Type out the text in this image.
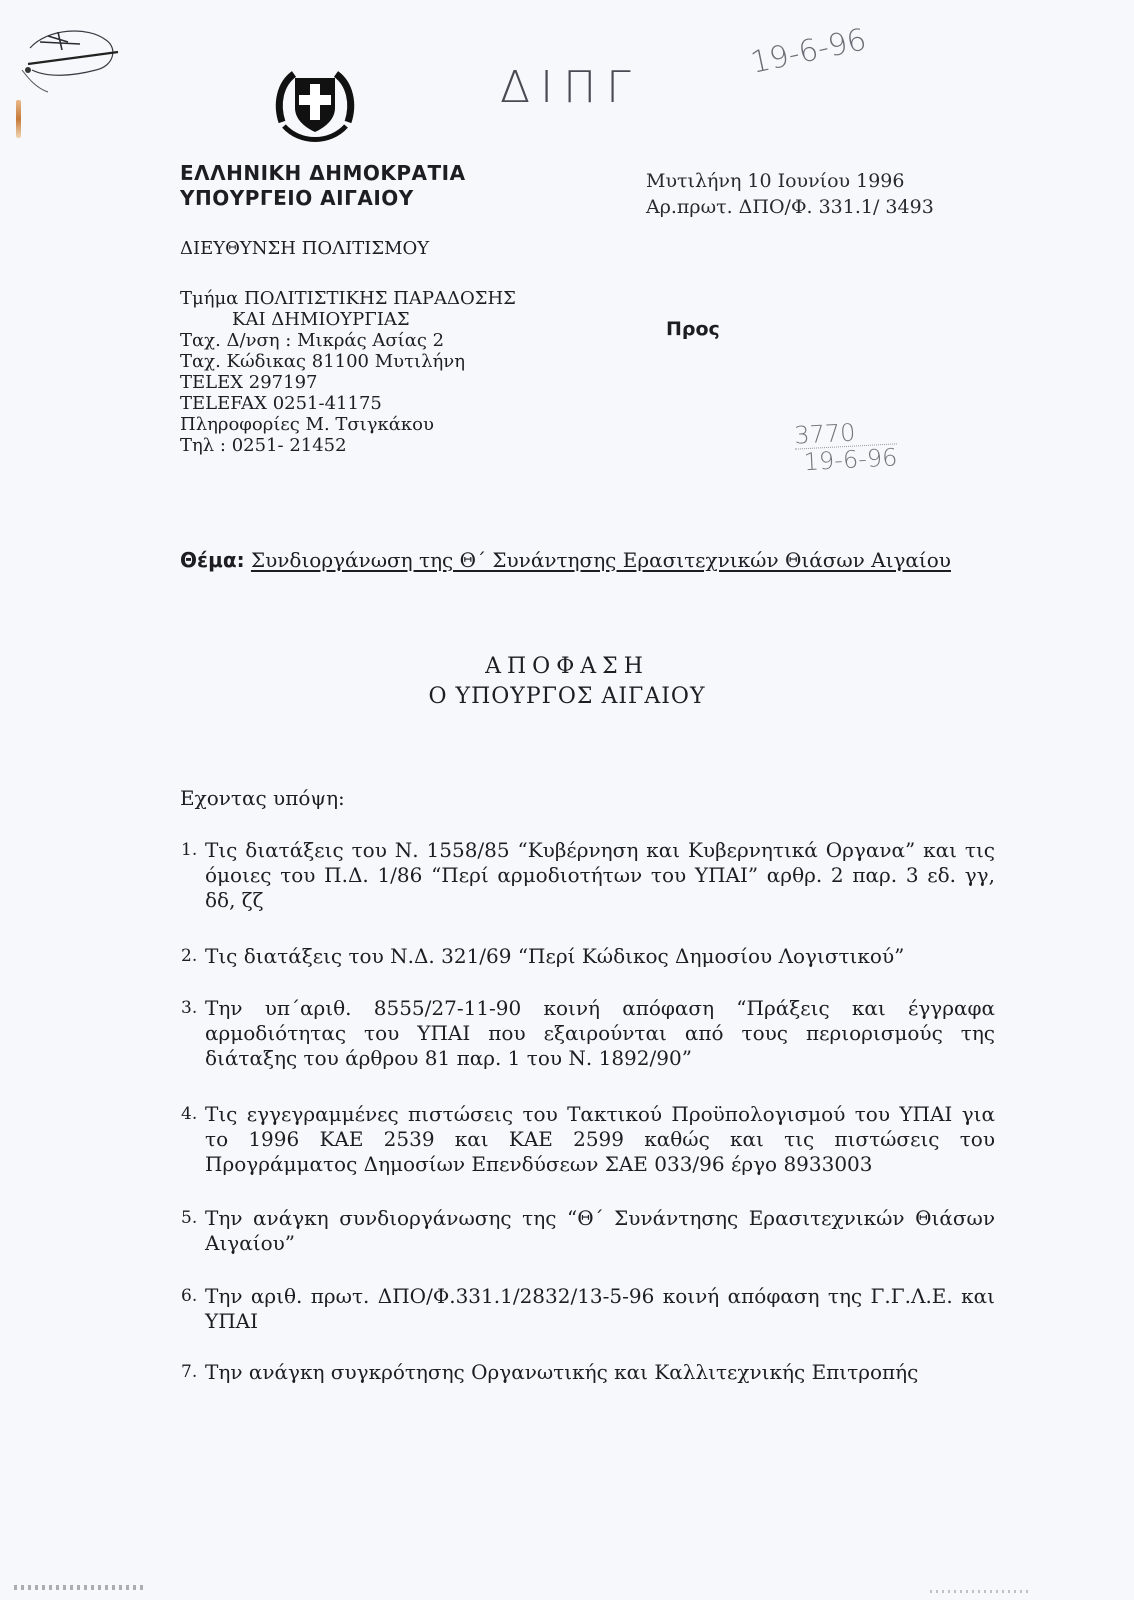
ΔΙΠΓ
19-6-96
ΕΛΛΗΝΙΚΗ ΔΗΜΟΚΡΑΤΙΑ
ΥΠΟΥΡΓΕΙΟ ΑΙΓΑΙΟΥ
Μυτιλήνη 10 Ιουνίου 1996
Αρ.πρωτ. ΔΠΟ/Φ. 331.1/ 3493
ΔΙΕΥΘΥΝΣΗ ΠΟΛΙΤΙΣΜΟΥ
Τμήμα ΠΟΛΙΤΙΣΤΙΚΗΣ ΠΑΡΑΔΟΣΗΣ
ΚΑΙ ΔΗΜΙΟΥΡΓΙΑΣ
Ταχ. Δ/νση : Μικράς Ασίας 2
Ταχ. Κώδικας 81100 Μυτιλήνη
TELEX 297197
TELEFAX 0251-41175
Πληροφορίες Μ. Τσιγκάκου
Τηλ : 0251- 21452
Προς
3770
19-6-96
Θέμα: Συνδιοργάνωση της Θ΄ Συνάντησης Ερασιτεχνικών Θιάσων Αιγαίου
ΑΠΟΦΑΣΗ
Ο ΥΠΟΥΡΓΟΣ ΑΙΓΑΙΟΥ
Εχοντας υπόψη:
1. Τις διατάξεις του Ν. 1558/85 “Κυβέρνηση και Κυβερνητικά Οργανα” και τις όμοιες του Π.Δ. 1/86 “Περί αρμοδιοτήτων του ΥΠΑΙ” αρθρ. 2 παρ. 3 εδ. γγ, δδ, ζζ
2. Τις διατάξεις του Ν.Δ. 321/69 “Περί Κώδικος Δημοσίου Λογιστικού”
3. Την υπ΄αριθ. 8555/27-11-90 κοινή απόφαση “Πράξεις και έγγραφα αρμοδιότητας του ΥΠΑΙ που εξαιρούνται από τους περιορισμούς της διάταξης του άρθρου 81 παρ. 1 του Ν. 1892/90”
4. Τις εγγεγραμμένες πιστώσεις του Τακτικού Προϋπολογισμού του ΥΠΑΙ για το 1996 ΚΑΕ 2539 και ΚΑΕ 2599 καθώς και τις πιστώσεις του Προγράμματος Δημοσίων Επενδύσεων ΣΑΕ 033/96 έργο 8933003
5. Την ανάγκη συνδιοργάνωσης της “Θ΄ Συνάντησης Ερασιτεχνικών Θιάσων Αιγαίου”
6. Την αριθ. πρωτ. ΔΠΟ/Φ.331.1/2832/13-5-96 κοινή απόφαση της Γ.Γ.Λ.Ε. και ΥΠΑΙ
7. Την ανάγκη συγκρότησης Οργανωτικής και Καλλιτεχνικής Επιτροπής
